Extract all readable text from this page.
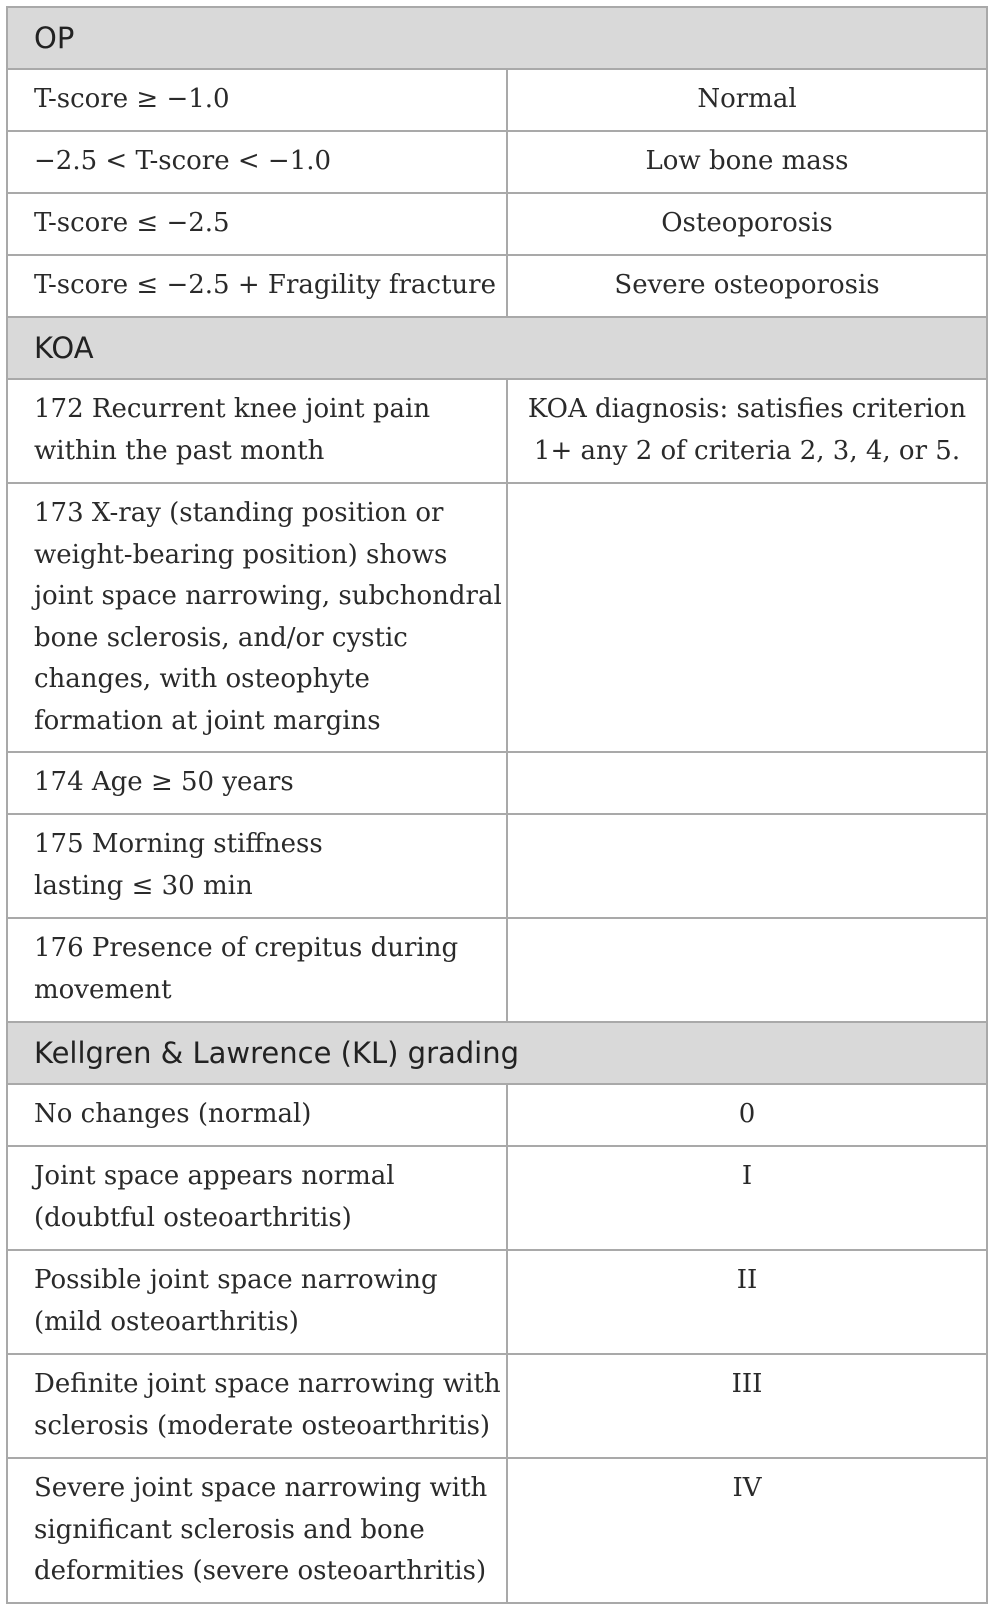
OP	
T-score ≥ −1.0	Normal
−2.5 < T-score < −1.0	Low bone mass
T-score ≤ −2.5	Osteoporosis
T-score ≤ −2.5 + Fragility fracture	Severe osteoporosis
KOA	
172 Recurrent knee joint pain within the past month	KOA diagnosis: satisfies criterion 1+ any 2 of criteria 2, 3, 4, or 5.
173 X-ray (standing position or weight-bearing position) shows joint space narrowing, subchondral bone sclerosis, and/or cystic changes, with osteophyte formation at joint margins	
174 Age ≥ 50 years	
175 Morning stiffness
lasting ≤ 30 min	
176 Presence of crepitus during movement	
Kellgren & Lawrence (KL) grading	
No changes (normal)	0
Joint space appears normal (doubtful osteoarthritis)	I
Possible joint space narrowing (mild osteoarthritis)	II
Definite joint space narrowing with sclerosis (moderate osteoarthritis)	III
Severe joint space narrowing with significant sclerosis and bone deformities (severe osteoarthritis)	IV
